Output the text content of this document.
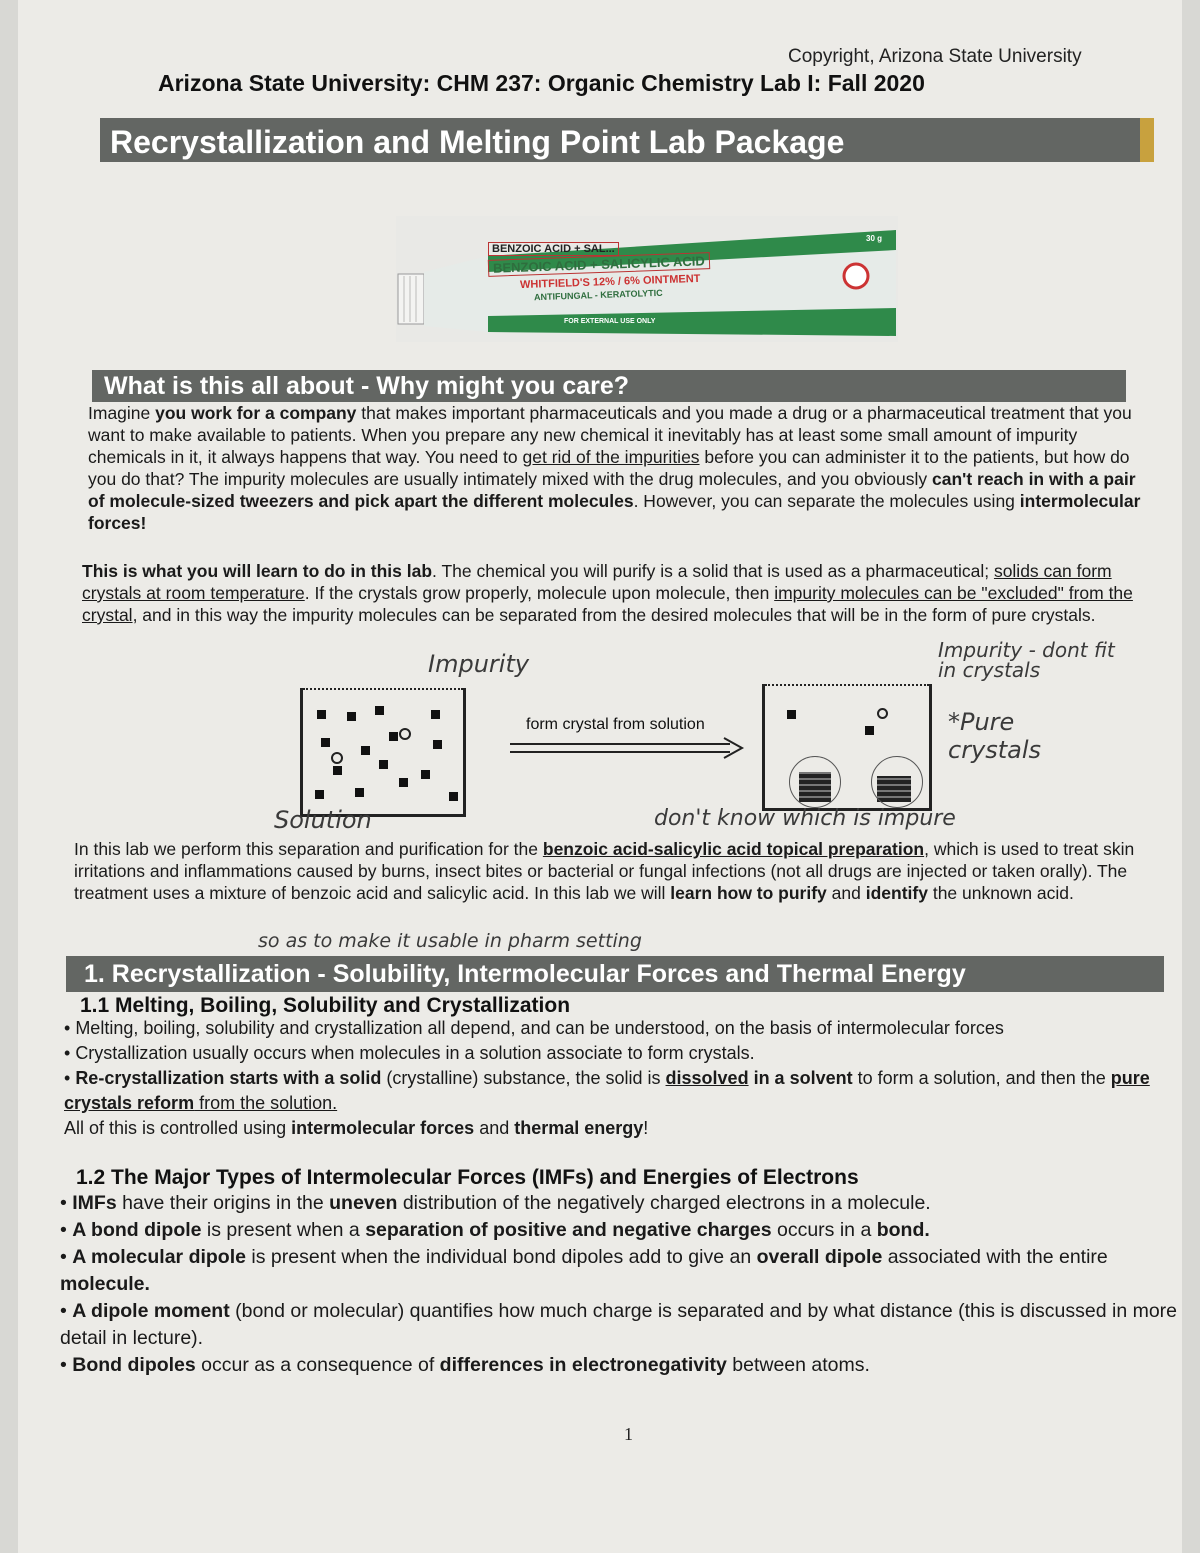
Copyright, Arizona State University
Arizona State University: CHM 237: Organic Chemistry Lab I: Fall 2020
Recrystallization and Melting Point Lab Package
BENZOIC ACID + SAL...
BENZOIC ACID + SALICYLIC ACID
WHITFIELD'S 12% / 6% OINTMENT
ANTIFUNGAL - KERATOLYTIC
FOR EXTERNAL USE ONLY
30 g
What is this all about - Why might you care?
Imagine you work for a company that makes important pharmaceuticals and you made a drug or a pharmaceutical treatment that you want to make available to patients. When you prepare any new chemical it inevitably has at least some small amount of impurity chemicals in it, it always happens that way. You need to get rid of the impurities before you can administer it to the patients, but how do you do that? The impurity molecules are usually intimately mixed with the drug molecules, and you obviously can't reach in with a pair of molecule-sized tweezers and pick apart the different molecules. However, you can separate the molecules using intermolecular forces!
This is what you will learn to do in this lab. The chemical you will purify is a solid that is used as a pharmaceutical; solids can form crystals at room temperature. If the crystals grow properly, molecule upon molecule, then impurity molecules can be "excluded" from the crystal, and in this way the impurity molecules can be separated from the desired molecules that will be in the form of pure crystals.
Impurity
form crystal from solution
Impurity - dont fit in crystals
*Pure crystals
Solution	don't know which is impure
In this lab we perform this separation and purification for the benzoic acid-salicylic acid topical preparation, which is used to treat skin irritations and inflammations caused by burns, insect bites or bacterial or fungal infections (not all drugs are injected or taken orally). The treatment uses a mixture of benzoic acid and salicylic acid. In this lab we will learn how to purify and identify the unknown acid.
so as to make it usable in pharm setting
1. Recrystallization - Solubility, Intermolecular Forces and Thermal Energy
1.1 Melting, Boiling, Solubility and Crystallization
• Melting, boiling, solubility and crystallization all depend, and can be understood, on the basis of intermolecular forces
• Crystallization usually occurs when molecules in a solution associate to form crystals.
• Re-crystallization starts with a solid (crystalline) substance, the solid is dissolved in a solvent to form a solution, and then the pure crystals reform from the solution.
All of this is controlled using intermolecular forces and thermal energy!
1.2 The Major Types of Intermolecular Forces (IMFs) and Energies of Electrons
• IMFs have their origins in the uneven distribution of the negatively charged electrons in a molecule.
• A bond dipole is present when a separation of positive and negative charges occurs in a bond.
• A molecular dipole is present when the individual bond dipoles add to give an overall dipole associated with the entire molecule.
• A dipole moment (bond or molecular) quantifies how much charge is separated and by what distance (this is discussed in more detail in lecture).
• Bond dipoles occur as a consequence of differences in electronegativity between atoms.
1
